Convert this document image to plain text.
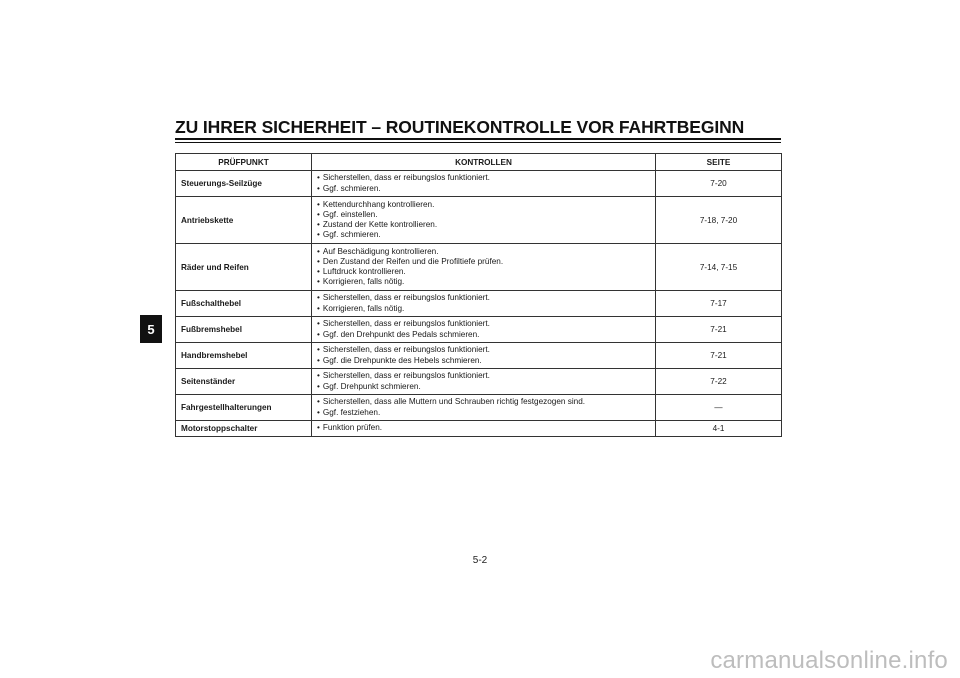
ZU IHRER SICHERHEIT – ROUTINEKONTROLLE VOR FAHRTBEGINN
5
PRÜFPUNKT	KONTROLLEN	SEITE
Steuerungs-Seilzüge	• Sicherstellen, dass er reibungslos funktioniert.
• Ggf. schmieren.	7-20
Antriebskette	• Kettendurchhang kontrollieren.
• Ggf. einstellen.
• Zustand der Kette kontrollieren.
• Ggf. schmieren.	7-18, 7-20
Räder und Reifen	• Auf Beschädigung kontrollieren.
• Den Zustand der Reifen und die Profiltiefe prüfen.
• Luftdruck kontrollieren.
• Korrigieren, falls nötig.	7-14, 7-15
Fußschalthebel	• Sicherstellen, dass er reibungslos funktioniert.
• Korrigieren, falls nötig.	7-17
Fußbremshebel	• Sicherstellen, dass er reibungslos funktioniert.
• Ggf. den Drehpunkt des Pedals schmieren.	7-21
Handbremshebel	• Sicherstellen, dass er reibungslos funktioniert.
• Ggf. die Drehpunkte des Hebels schmieren.	7-21
Seitenständer	• Sicherstellen, dass er reibungslos funktioniert.
• Ggf. Drehpunkt schmieren.	7-22
Fahrgestellhalterungen	• Sicherstellen, dass alle Muttern und Schrauben richtig festgezogen sind.
• Ggf. festziehen.	—
Motorstoppschalter	• Funktion prüfen.	4-1
5-2
carmanualsonline.info
